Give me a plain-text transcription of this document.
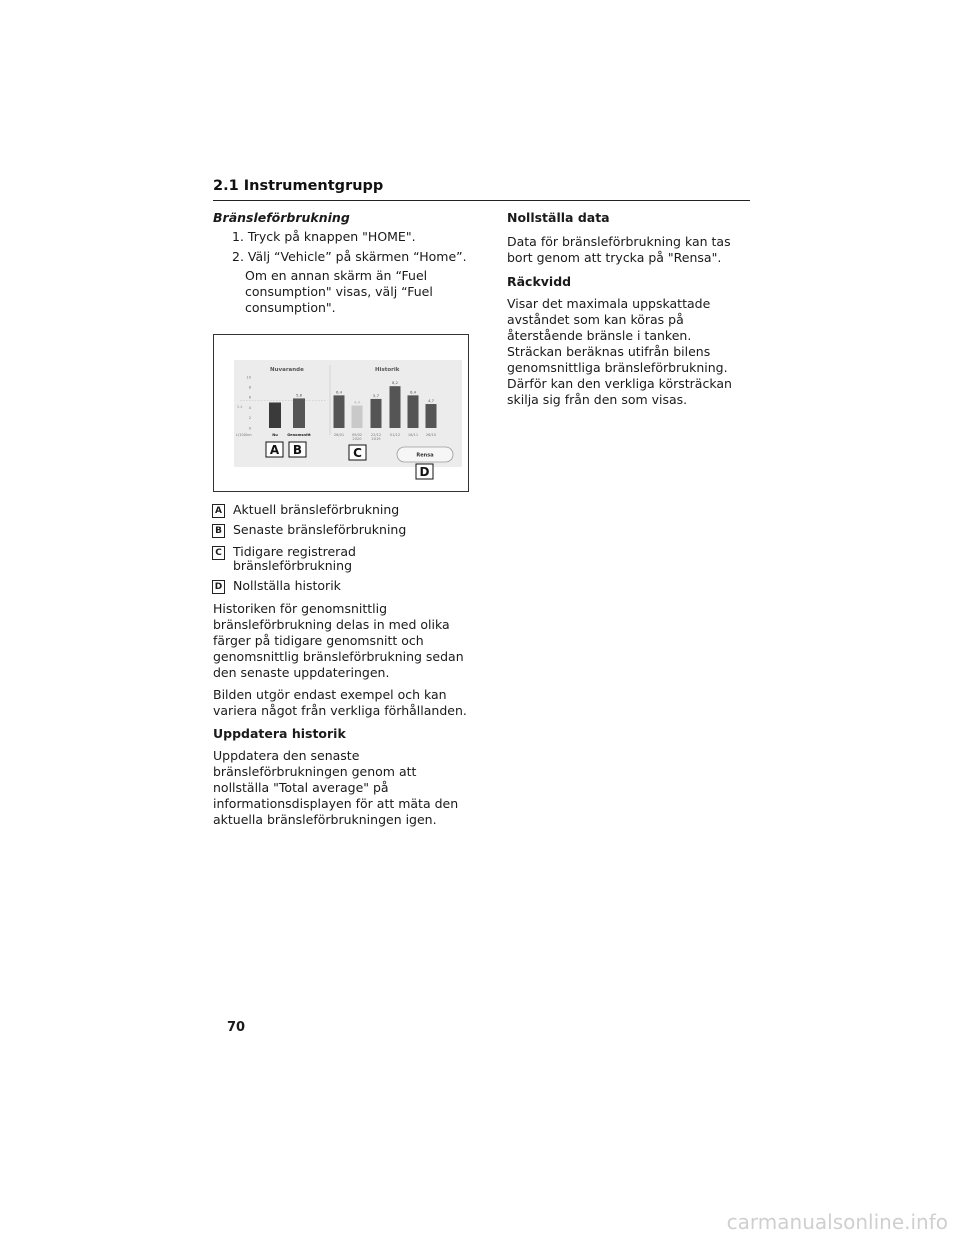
2.1 Instrumentgrupp
Bränsleförbrukning
1. Tryck på knappen "HOME".
2. Välj “Vehicle” på skärmen “Home”.
Om en annan skärm än “Fuel consumption" visas, välj “Fuel consumption".
Nuvarande	Historik
L/100km
5.4
0
2
4
6
8
10
Nu
5,8
Genomsnitt
6,4
26/01
4,4
09/02
2020
5,7
22/12
2019
8,2
01/12
6,4
16/11
4,7
26/10
Rensa
A B	C
D
A Aktuell bränsleförbrukning
B Senaste bränsleförbrukning
C Tidigare registrerad bränsleförbrukning
D Nollställa historik
Historiken för genomsnittlig bränsleförbrukning delas in med olika färger på tidigare genomsnitt och genomsnittlig bränsleförbrukning sedan den senaste uppdateringen.
Bilden utgör endast exempel och kan variera något från verkliga förhållanden.
Uppdatera historik
Uppdatera den senaste bränsleförbrukningen genom att nollställa "Total average" på informationsdisplayen för att mäta den aktuella bränsleförbrukningen igen.
Nollställa data
Data för bränsleförbrukning kan tas bort genom att trycka på "Rensa".
Räckvidd
Visar det maximala uppskattade avståndet som kan köras på återstående bränsle i tanken. Sträckan beräknas utifrån bilens genomsnittliga bränsleförbrukning. Därför kan den verkliga körsträckan skilja sig från den som visas.
70
carmanualsonline.info
